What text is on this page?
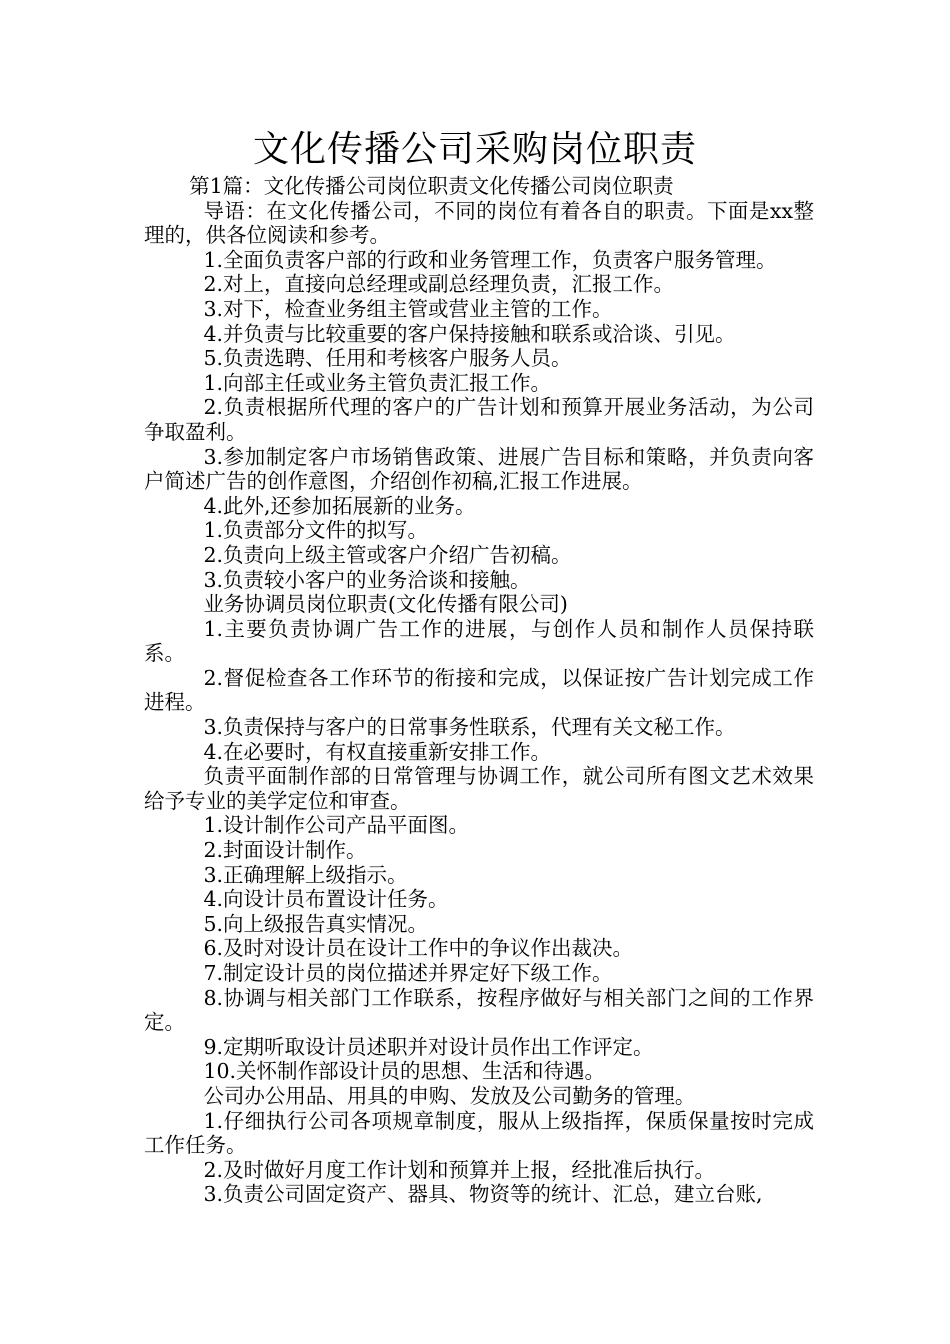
文化传播公司采购岗位职责

第1篇：文化传播公司岗位职责文化传播公司岗位职责

导语：在文化传播公司，不同的岗位有着各自的职责。下面是xx整理的，供各位阅读和参考。

1.全面负责客户部的行政和业务管理工作，负责客户服务管理。

2.对上，直接向总经理或副总经理负责，汇报工作。

3.对下，检查业务组主管或营业主管的工作。

4.并负责与比较重要的客户保持接触和联系或洽谈、引见。

5.负责选聘、任用和考核客户服务人员。

1.向部主任或业务主管负责汇报工作。

2.负责根据所代理的客户的广告计划和预算开展业务活动，为公司争取盈利。

3.参加制定客户市场销售政策、进展广告目标和策略，并负责向客户简述广告的创作意图，介绍创作初稿,汇报工作进展。

4.此外,还参加拓展新的业务。

1.负责部分文件的拟写。

2.负责向上级主管或客户介绍广告初稿。

3.负责较小客户的业务洽谈和接触。

业务协调员岗位职责(文化传播有限公司)

1.主要负责协调广告工作的进展，与创作人员和制作人员保持联系。

2.督促检查各工作环节的衔接和完成，以保证按广告计划完成工作进程。

3.负责保持与客户的日常事务性联系，代理有关文秘工作。

4.在必要时，有权直接重新安排工作。

负责平面制作部的日常管理与协调工作，就公司所有图文艺术效果给予专业的美学定位和审查。

1.设计制作公司产品平面图。

2.封面设计制作。

3.正确理解上级指示。

4.向设计员布置设计任务。

5.向上级报告真实情况。

6.及时对设计员在设计工作中的争议作出裁决。

7.制定设计员的岗位描述并界定好下级工作。

8.协调与相关部门工作联系，按程序做好与相关部门之间的工作界定。

9.定期听取设计员述职并对设计员作出工作评定。

10.关怀制作部设计员的思想、生活和待遇。

公司办公用品、用具的申购、发放及公司勤务的管理。

1.仔细执行公司各项规章制度，服从上级指挥，保质保量按时完成工作任务。

2.及时做好月度工作计划和预算并上报，经批准后执行。

3.负责公司固定资产、器具、物资等的统计、汇总，建立台账,
